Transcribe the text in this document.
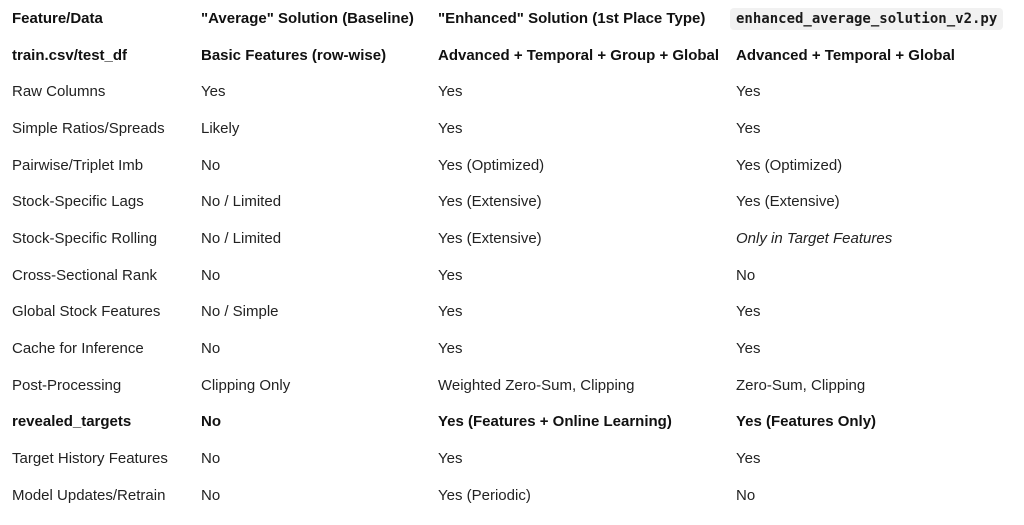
Feature/Data	"Average" Solution (Baseline)	"Enhanced" Solution (1st Place Type)	enhanced_average_solution_v2.py
train.csv/test_df	Basic Features (row-wise)	Advanced + Temporal + Group + Global	Advanced + Temporal + Global
Raw Columns	Yes	Yes	Yes
Simple Ratios/Spreads	Likely	Yes	Yes
Pairwise/Triplet Imb	No	Yes (Optimized)	Yes (Optimized)
Stock-Specific Lags	No / Limited	Yes (Extensive)	Yes (Extensive)
Stock-Specific Rolling	No / Limited	Yes (Extensive)	Only in Target Features
Cross-Sectional Rank	No	Yes	No
Global Stock Features	No / Simple	Yes	Yes
Cache for Inference	No	Yes	Yes
Post-Processing	Clipping Only	Weighted Zero-Sum, Clipping	Zero-Sum, Clipping
revealed_targets	No	Yes (Features + Online Learning)	Yes (Features Only)
Target History Features	No	Yes	Yes
Model Updates/Retrain	No	Yes (Periodic)	No
